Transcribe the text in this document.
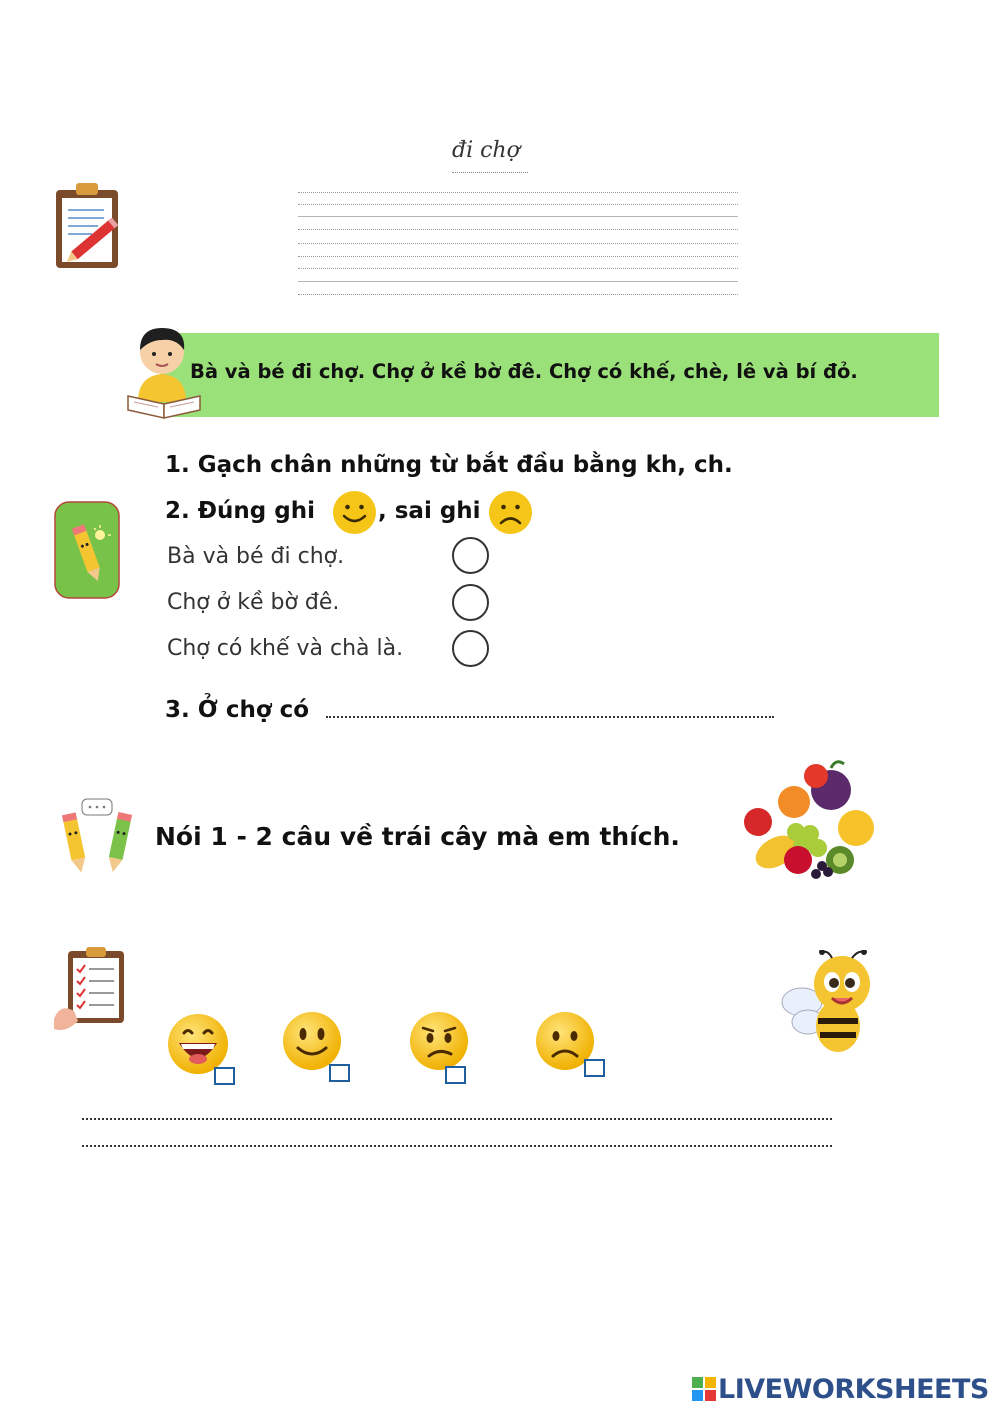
đi chợ
Bà và bé đi chợ. Chợ ở kề bờ đê. Chợ có khế, chè, lê và bí đỏ.
1. Gạch chân những từ bắt đầu bằng kh, ch.
2. Đúng ghi	, sai ghi
Bà và bé đi chợ.
Chợ ở kề bờ đê.
Chợ có khế và chà là.
3. Ở chợ có
Nói 1 - 2 câu về trái cây mà em thích.
LIVEWORKSHEETS
